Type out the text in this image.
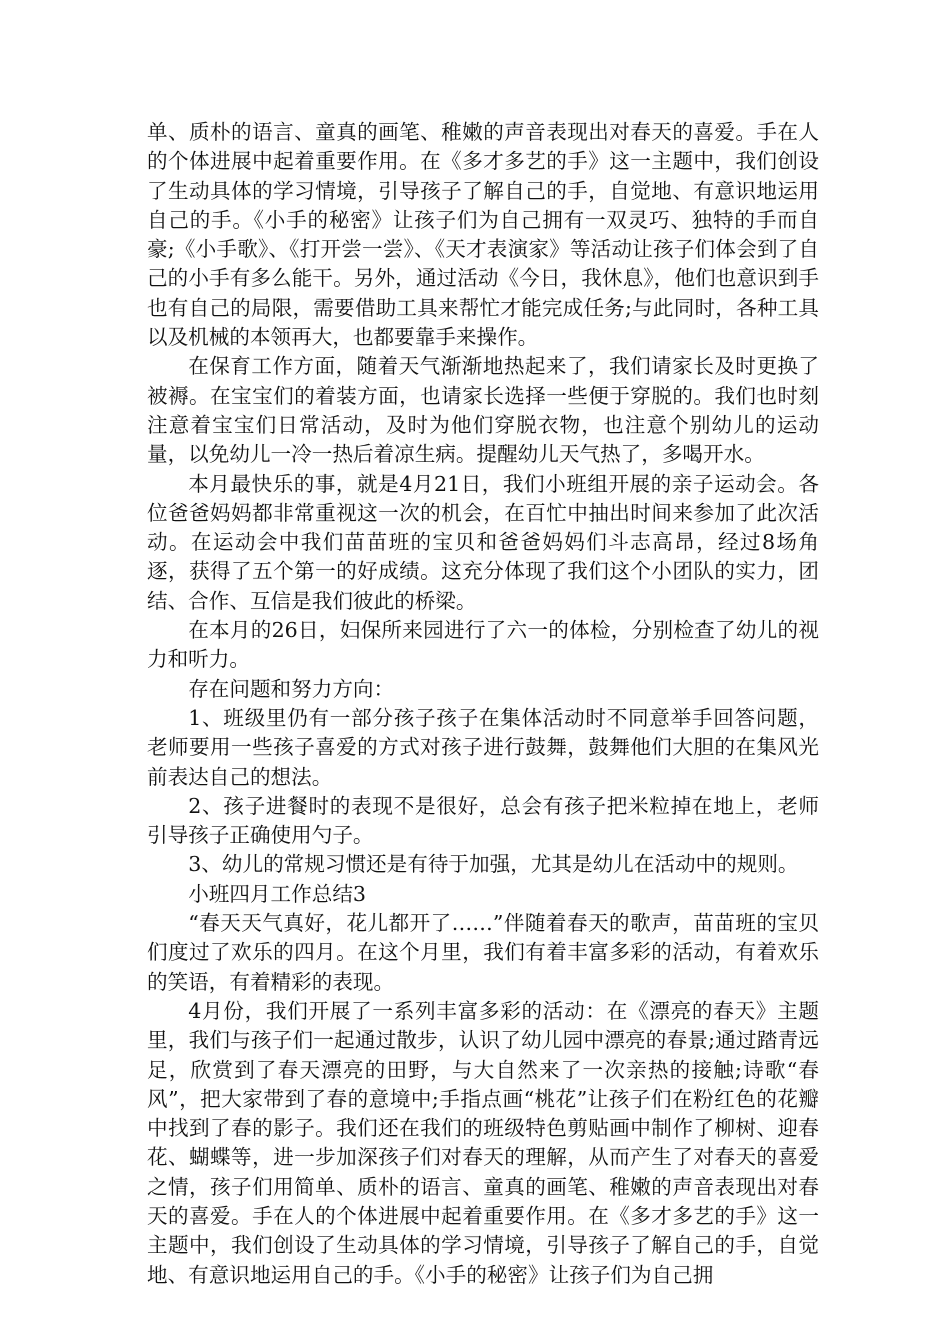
单、质朴的语言、童真的画笔、稚嫩的声音表现出对春天的喜爱。手在人的个体进展中起着重要作用。在《多才多艺的手》这一主题中，我们创设了生动具体的学习情境，引导孩子了解自己的手，自觉地、有意识地运用自己的手。《小手的秘密》让孩子们为自己拥有一双灵巧、独特的手而自豪;《小手歌》、《打开尝一尝》、《天才表演家》等活动让孩子们体会到了自己的小手有多么能干。另外，通过活动《今日，我休息》，他们也意识到手也有自己的局限，需要借助工具来帮忙才能完成任务;与此同时，各种工具以及机械的本领再大，也都要靠手来操作。

在保育工作方面，随着天气渐渐地热起来了，我们请家长及时更换了被褥。在宝宝们的着装方面，也请家长选择一些便于穿脱的。我们也时刻注意着宝宝们日常活动，及时为他们穿脱衣物，也注意个别幼儿的运动量，以免幼儿一冷一热后着凉生病。提醒幼儿天气热了，多喝开水。

本月最快乐的事，就是4月21日，我们小班组开展的亲子运动会。各位爸爸妈妈都非常重视这一次的机会，在百忙中抽出时间来参加了此次活动。在运动会中我们苗苗班的宝贝和爸爸妈妈们斗志高昂，经过8场角逐，获得了五个第一的好成绩。这充分体现了我们这个小团队的实力，团结、合作、互信是我们彼此的桥梁。

在本月的26日，妇保所来园进行了六一的体检，分别检查了幼儿的视力和听力。

存在问题和努力方向：

1、班级里仍有一部分孩子孩子在集体活动时不同意举手回答问题，老师要用一些孩子喜爱的方式对孩子进行鼓舞，鼓舞他们大胆的在集风光前表达自己的想法。

2、孩子进餐时的表现不是很好，总会有孩子把米粒掉在地上，老师引导孩子正确使用勺子。

3、幼儿的常规习惯还是有待于加强，尤其是幼儿在活动中的规则。

小班四月工作总结3

“春天天气真好，花儿都开了……”伴随着春天的歌声，苗苗班的宝贝们度过了欢乐的四月。在这个月里，我们有着丰富多彩的活动，有着欢乐的笑语，有着精彩的表现。

4月份，我们开展了一系列丰富多彩的活动：在《漂亮的春天》主题里，我们与孩子们一起通过散步，认识了幼儿园中漂亮的春景;通过踏青远足，欣赏到了春天漂亮的田野，与大自然来了一次亲热的接触;诗歌“春风”，把大家带到了春的意境中;手指点画“桃花”让孩子们在粉红色的花瓣中找到了春的影子。我们还在我们的班级特色剪贴画中制作了柳树、迎春花、蝴蝶等，进一步加深孩子们对春天的理解，从而产生了对春天的喜爱之情，孩子们用简单、质朴的语言、童真的画笔、稚嫩的声音表现出对春天的喜爱。手在人的个体进展中起着重要作用。在《多才多艺的手》这一主题中，我们创设了生动具体的学习情境，引导孩子了解自己的手，自觉地、有意识地运用自己的手。《小手的秘密》让孩子们为自己拥
